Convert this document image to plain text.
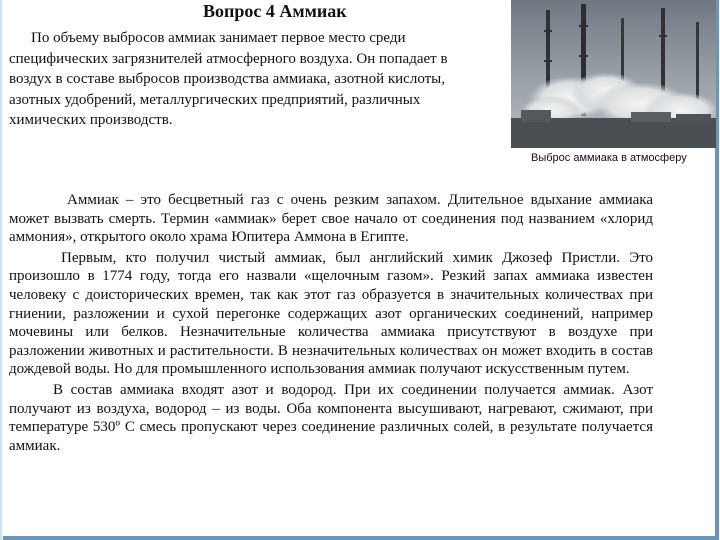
Вопрос 4 Аммиак

По объему выбросов аммиак занимает первое место среди специфических загрязнителей атмосферного воздуха. Он попадает в воздух в составе выбросов производства аммиака, азотной кислоты, азотных удобрений, металлургических предприятий, различных химических производств.

Выброс аммиака в атмосферу

Аммиак – это бесцветный газ с очень резким запахом. Длительное вдыхание аммиака может вызвать смерть. Термин «аммиак» берет свое начало от соединения под названием «хлорид аммония», открытого около храма Юпитера Аммона в Египте.

Первым, кто получил чистый аммиак, был английский химик Джозеф Пристли. Это произошло в 1774 году, тогда его назвали «щелочным газом». Резкий запах аммиака известен человеку с доисторических времен, так как этот газ образуется в значительных количествах при гниении, разложении и сухой перегонке содержащих азот органических соединений, например мочевины или белков. Незначительные количества аммиака присутствуют в воздухе при разложении животных и растительности. В незначительных количествах он может входить в состав дождевой воды. Но для промышленного использования аммиак получают искусственным путем.

В состав аммиака входят азот и водород. При их соединении получается аммиак. Азот получают из воздуха, водород – из воды. Оба компонента высушивают, нагревают, сжимают, при температуре 530º С смесь пропускают через соединение различных солей, в результате получается аммиак.
